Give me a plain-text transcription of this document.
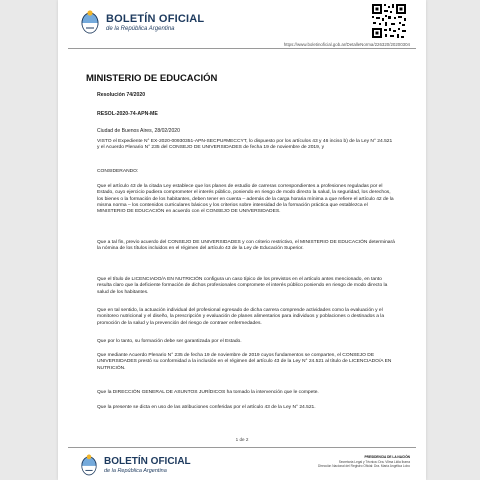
BOLETÍN OFICIAL
de la República Argentina
https://www.boletinoficial.gob.ar/DetalleNorma/226320/20200304
MINISTERIO DE EDUCACIÓN
Resolución 74/2020
RESOL-2020-74-APN-ME
Ciudad de Buenos Aires, 28/02/2020

VISTO el Expediente N° EX-2020-00930351-APN-SECPU#MECCYT, lo dispuesto por los artículos 43 y 46 inciso b) de la Ley N° 24.521 y el Acuerdo Plenario N° 235 del CONSEJO DE UNIVERSIDADES de fecha 19 de noviembre de 2019, y

CONSIDERANDO:

Que el artículo 43 de la citada Ley establece que los planes de estudio de carreras correspondientes a profesiones reguladas por el Estado, cuyo ejercicio pudiera comprometer el interés público, poniendo en riesgo de modo directo la salud, la seguridad, los derechos, los bienes o la formación de los habitantes, deben tener en cuenta – además de la carga horaria mínima a que refiere el artículo 42 de la misma norma – los contenidos curriculares básicos y los criterios sobre intensidad de la formación práctica que establezca el MINISTERIO DE EDUCACIÓN en acuerdo con el CONSEJO DE UNIVERSIDADES.

Que a tal fin, previo acuerdo del CONSEJO DE UNIVERSIDADES y con criterio restrictivo, el MINISTERIO DE EDUCACIÓN determinará la nómina de los títulos incluidos en el régimen del artículo 43 de la Ley de Educación Superior.

Que el título de LICENCIADO/A EN NUTRICIÓN configura un caso típico de los previstos en el artículo antes mencionado, en tanto resulta claro que la deficiente formación de dichos profesionales compromete el interés público poniendo en riesgo de modo directo la salud de los habitantes.

Que en tal sentido, la actuación individual del profesional egresado de dicha carrera comprende actividades como la evaluación y el monitoreo nutricional y el diseño, la prescripción y evaluación de planes alimentarios para individuos y poblaciones o destinados a la promoción de la salud y la prevención del riesgo de contraer enfermedades.

Que por lo tanto, su formación debe ser garantizada por el Estado.

Que mediante Acuerdo Plenario N° 235 de fecha 19 de noviembre de 2019 cuyos fundamentos se comparten, el CONSEJO DE UNIVERSIDADES prestó su conformidad a la inclusión en el régimen del artículo 43 de la Ley N° 24.521 al título de LICENCIADO/A EN NUTRICIÓN.

Que la DIRECCIÓN GENERAL DE ASUNTOS JURÍDICOS ha tomado la intervención que le compete.

Que la presente se dicta en uso de las atribuciones conferidas por el artículo 43 de la Ley N° 24.521.

1 de 2
BOLETÍN OFICIAL
de la República Argentina
PRESIDENCIA DE LA NACIÓN
Secretaría Legal y Técnica: Dra. Vilma Lidia Ibarra
Dirección Nacional del Registro Oficial: Dra. María Angélica Lobo
